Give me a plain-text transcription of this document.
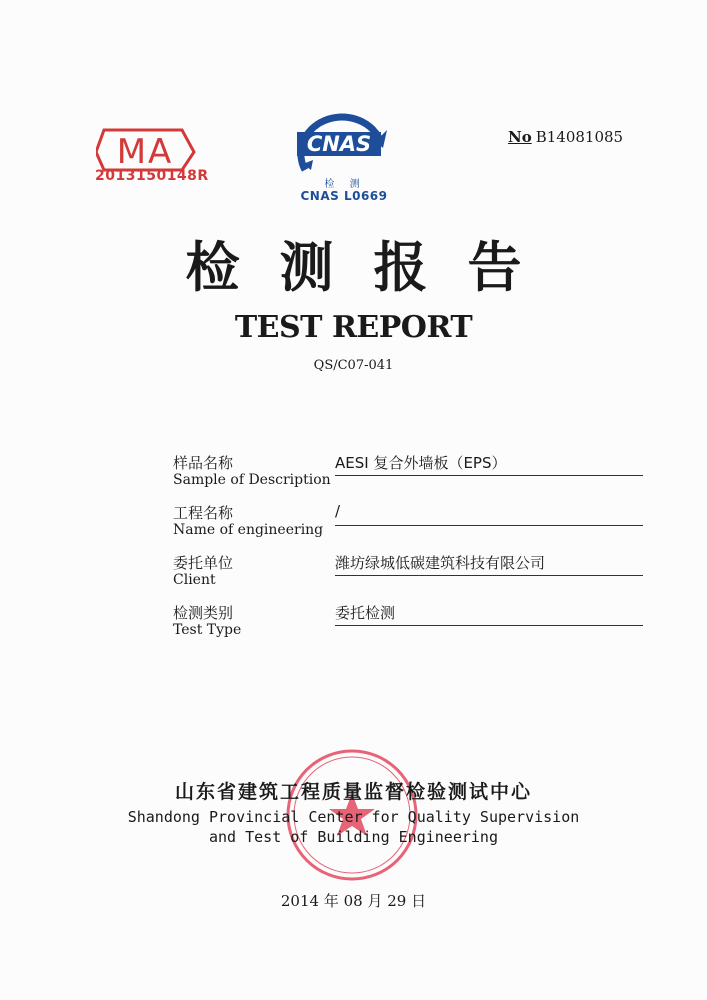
MA
2013150148R
CNAS
检 测
CNAS L0669
No B14081085
检测报告
TEST REPORT
QS/C07-041
样品名称
Sample of Description
AESI 复合外墙板（EPS）
工程名称
Name of engineering
/
委托单位
Client
潍坊绿城低碳建筑科技有限公司
检测类别
Test Type
委托检测
山东省建筑工程质量监督检验测试中心
Shandong Provincial Center for Quality Supervision
and Test of Building Engineering
2014 年 08 月 29 日
